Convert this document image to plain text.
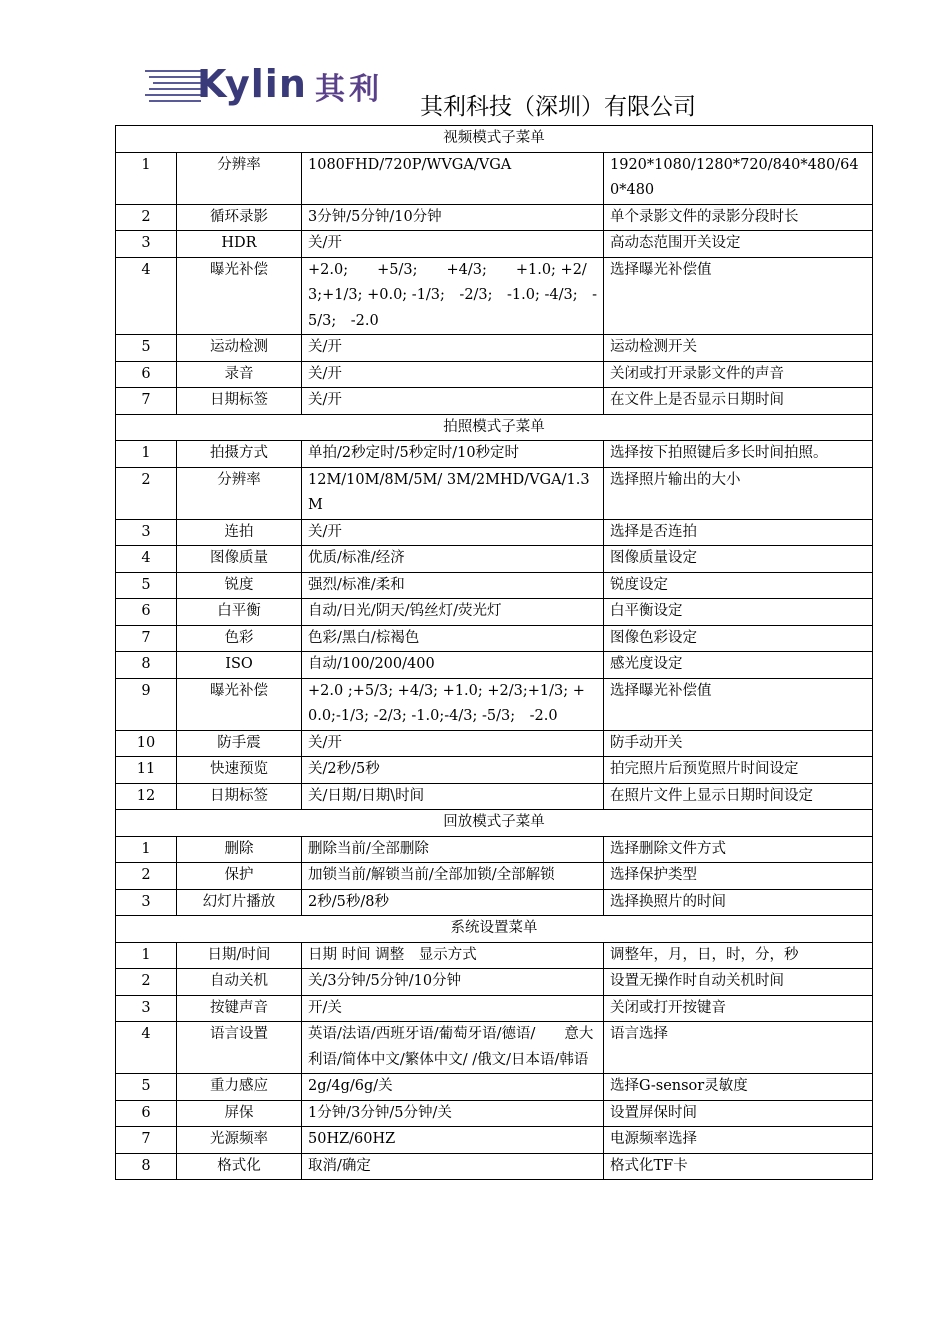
Kylin 其利 其利科技（深圳）有限公司
视频模式子菜单			
1	分辨率	1080FHD/720P/WVGA/VGA	1920*1080/1280*720/840*480/640*480
2	循环录影	3分钟/5分钟/10分钟	单个录影文件的录影分段时长
3	HDR	关/开	高动态范围开关设定
4	曝光补偿	+2.0;　　+5/3;　　+4/3;　　+1.0; +2/3;+1/3; +0.0; -1/3;　-2/3;　-1.0; -4/3;　-5/3;　-2.0	选择曝光补偿值
5	运动检测	关/开	运动检测开关
6	录音	关/开	关闭或打开录影文件的声音
7	日期标签	关/开	在文件上是否显示日期时间
拍照模式子菜单			
1	拍摄方式	单拍/2秒定时/5秒定时/10秒定时	选择按下拍照键后多长时间拍照。
2	分辨率	12M/10M/8M/5M/ 3M/2MHD/VGA/1.3M	选择照片输出的大小
3	连拍	关/开	选择是否连拍
4	图像质量	优质/标准/经济	图像质量设定
5	锐度	强烈/标准/柔和	锐度设定
6	白平衡	自动/日光/阴天/钨丝灯/荧光灯	白平衡设定
7	色彩	色彩/黑白/棕褐色	图像色彩设定
8	ISO	自动/100/200/400	感光度设定
9	曝光补偿	+2.0 ;+5/3; +4/3; +1.0; +2/3;+1/3; +0.0;-1/3; -2/3; -1.0;-4/3; -5/3;　-2.0	选择曝光补偿值
10	防手震	关/开	防手动开关
11	快速预览	关/2秒/5秒	拍完照片后预览照片时间设定
12	日期标签	关/日期/日期\时间	在照片文件上显示日期时间设定
回放模式子菜单			
1	删除	删除当前/全部删除	选择删除文件方式
2	保护	加锁当前/解锁当前/全部加锁/全部解锁	选择保护类型
3	幻灯片播放	2秒/5秒/8秒	选择换照片的时间
系统设置菜单			
1	日期/时间	日期 时间 调整　显示方式	调整年，月，日，时，分，秒
2	自动关机	关/3分钟/5分钟/10分钟	设置无操作时自动关机时间
3	按键声音	开/关	关闭或打开按键音
4	语言设置	英语/法语/西班牙语/葡萄牙语/德语/　　意大利语/简体中文/繁体中文/ /俄文/日本语/韩语	语言选择
5	重力感应	2g/4g/6g/关	选择G-sensor灵敏度
6	屏保	1分钟/3分钟/5分钟/关	设置屏保时间
7	光源频率	50HZ/60HZ	电源频率选择
8	格式化	取消/确定	格式化TF卡
